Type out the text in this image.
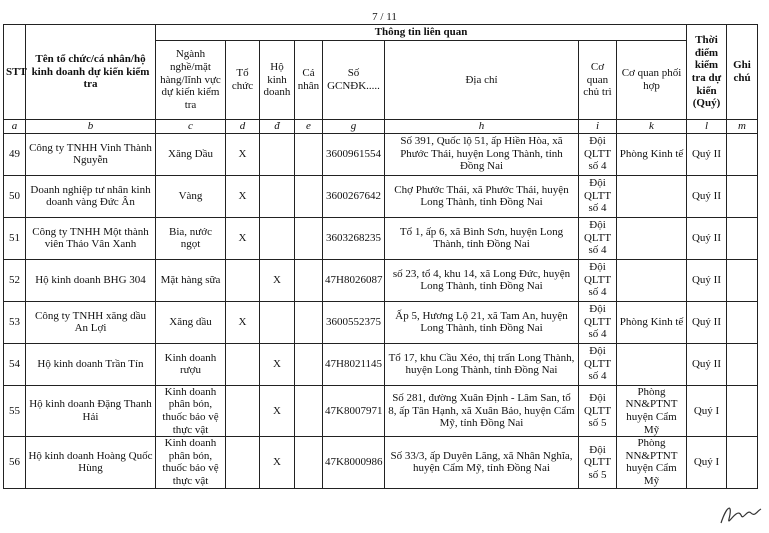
7 / 11
STT	Tên tổ chức/cá nhân/hộ kinh doanh dự kiến kiểm tra	Thông tin liên quan								Thời điểm kiểm tra dự kiến (Quý)	Ghi chú
		Ngành nghề/mặt hàng/lĩnh vực dự kiến kiểm tra	Tổ chức	Hộ kinh doanh	Cá nhân	Số GCNĐK.....	Địa chỉ	Cơ quan chủ trì	Cơ quan phối hợp		
a	b	c	d	đ	e	g	h	i	k	l	m
49	Công ty TNHH Vinh Thành Nguyễn	Xăng Dầu	X			3600961554	Số 391, Quốc lộ 51, ấp Hiền Hòa, xã Phước Thái, huyện Long Thành, tỉnh Đồng Nai	Đội QLTT số 4	Phòng Kinh tế	Quý II	
50	Doanh nghiệp tư nhân kinh doanh vàng Đức Ân	Vàng	X			3600267642	Chợ Phước Thái, xã Phước Thái, huyện Long Thành, tỉnh Đồng Nai	Đội QLTT số 4		Quý II	
51	Công ty TNHH Một thành viên Thảo Vân Xanh	Bia, nước ngọt	X			3603268235	Tổ 1, ấp 6, xã Bình Sơn, huyện Long Thành, tỉnh Đồng Nai	Đội QLTT số 4		Quý II	
52	Hộ kinh doanh BHG 304	Mặt hàng sữa		X		47H8026087	số 23, tổ 4, khu 14, xã Long Đức, huyện Long Thành, tỉnh Đồng Nai	Đội QLTT số 4		Quý II	
53	Công ty TNHH xăng dầu An Lợi	Xăng dầu	X			3600552375	Ấp 5, Hương Lộ 21, xã Tam An, huyện Long Thành, tỉnh Đồng Nai	Đội QLTT số 4	Phòng Kinh tế	Quý II	
54	Hộ kinh doanh Trần Tín	Kinh doanh rượu		X		47H8021145	Tổ 17, khu Cầu Xéo, thị trấn Long Thành, huyện Long Thành, tỉnh Đồng Nai	Đội QLTT số 4		Quý II	
55	Hộ kinh doanh Đặng Thanh Hải	Kinh doanh phân bón, thuốc bảo vệ thực vật		X		47K8007971	Số 281, đường Xuân Định - Lâm San, tổ 8, ấp Tân Hạnh, xã Xuân Bảo, huyện Cẩm Mỹ, tỉnh Đồng Nai	Đội QLTT số 5	Phòng NN&PTNT huyện Cẩm Mỹ	Quý I	
56	Hộ kinh doanh Hoàng Quốc Hùng	Kinh doanh phân bón, thuốc bảo vệ thực vật		X		47K8000986	Số 33/3, ấp Duyên Lãng, xã Nhân Nghĩa, huyện Cẩm Mỹ, tỉnh Đồng Nai	Đội QLTT số 5	Phòng NN&PTNT huyện Cẩm Mỹ	Quý I	
